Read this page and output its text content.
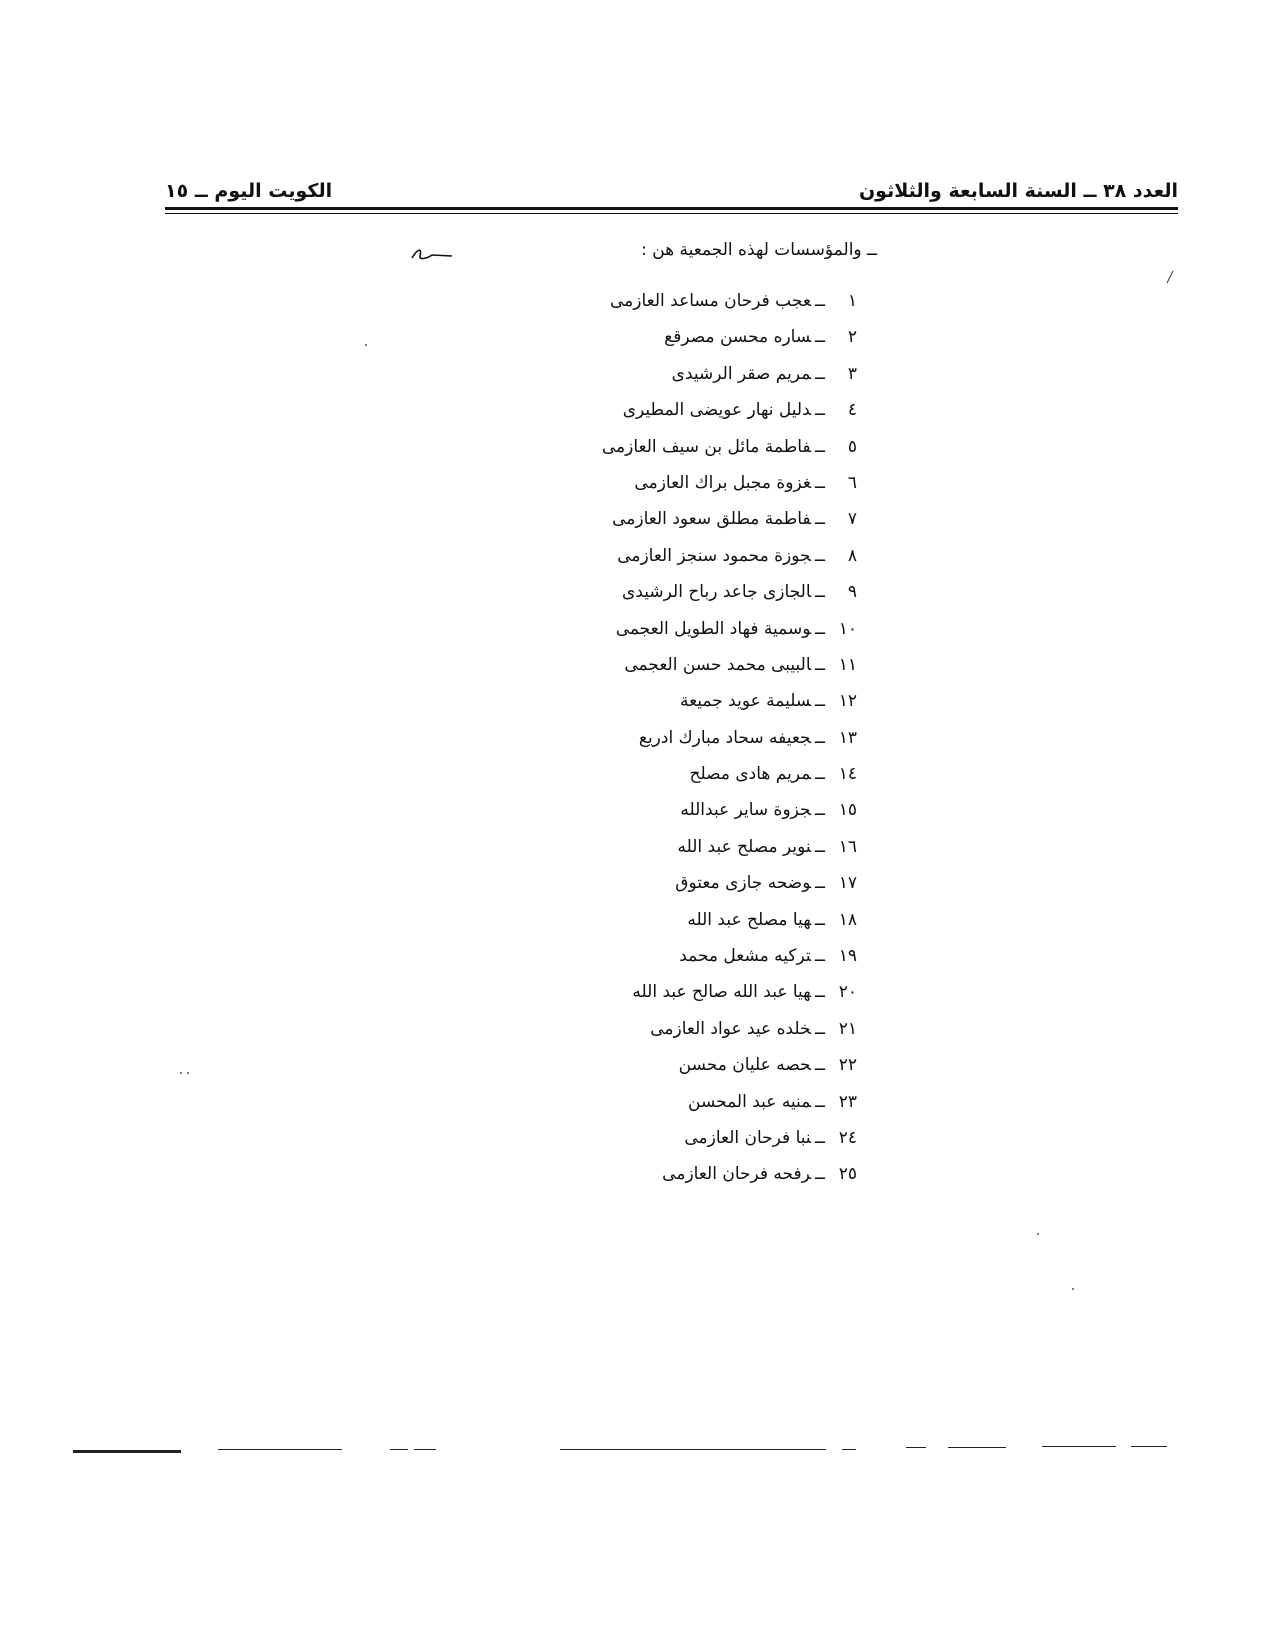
العدد ٣٨ ــ السنة السابعة والثلاثون
الكويت اليوم ــ ١٥
ــ والمؤسسات لهذه الجمعية هن :
١ــعجب فرحان مساعد العازمى
٢ــساره محسن مصرقع
٣ــمريم صقر الرشيدى
٤ــدليل نهار عويضى المطيرى
٥ــفاطمة مائل بن سيف العازمى
٦ــغزوة مجبل براك العازمى
٧ــفاطمة مطلق سعود العازمى
٨ــجوزة محمود سنجز العازمى
٩ــالجازى جاعد رباح الرشيدى
١٠ــوسمية فهاد الطويل العجمى
١١ــالبيبى محمد حسن العجمى
١٢ــسليمة عويد جميعة
١٣ــجعيفه سحاد مبارك ادريع
١٤ــمريم هادى مصلح
١٥ــجزوة ساير عبدالله
١٦ــنوير مصلح عبد الله
١٧ــوضحه جازى معتوق
١٨ــهيا مصلح عبد الله
١٩ــتركيه مشعل محمد
٢٠ــهيا عبد الله صالح عبد الله
٢١ــخلده عيد عواد العازمى
٢٢ــحصه عليان محسن
٢٣ــمنيه عبد المحسن
٢٤ــنبا فرحان العازمى
٢٥ــرفحه فرحان العازمى
